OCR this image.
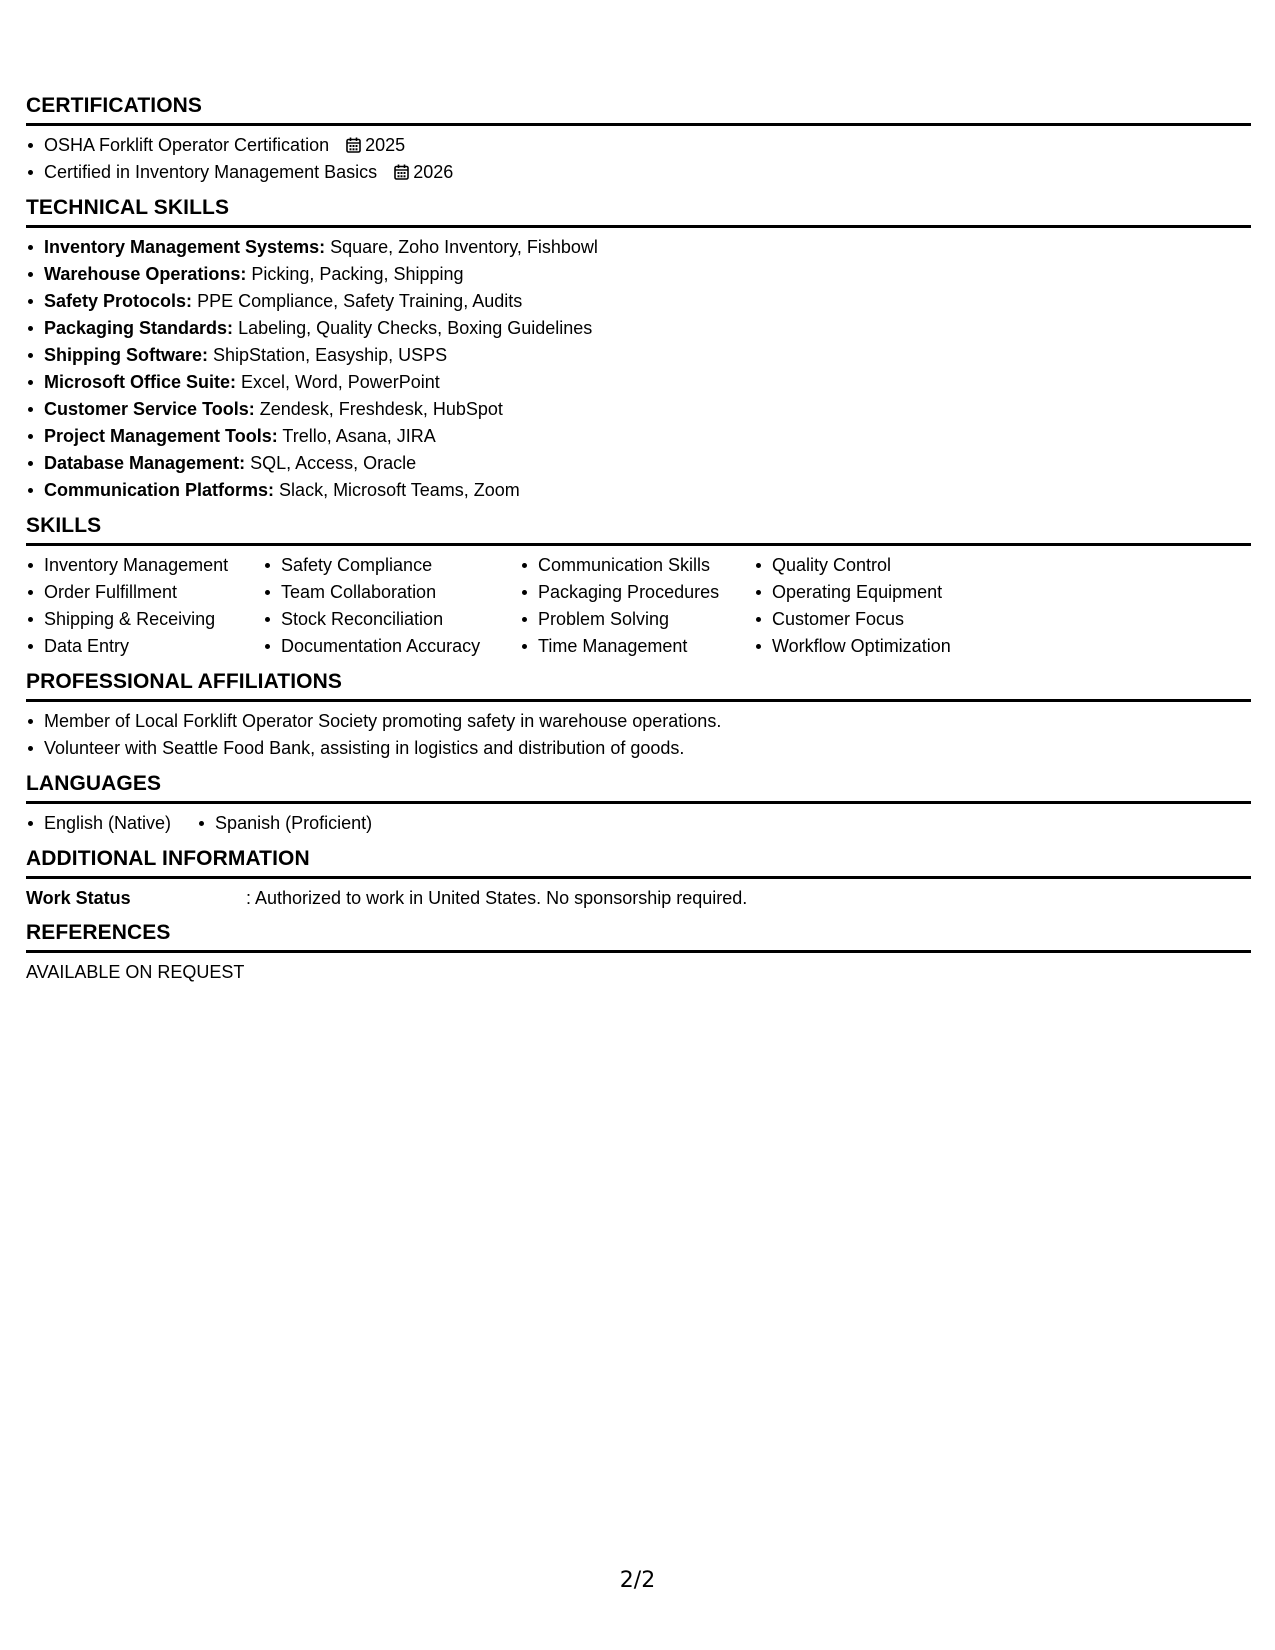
CERTIFICATIONS
OSHA Forklift Operator Certification 2025
Certified in Inventory Management Basics 2026
TECHNICAL SKILLS
Inventory Management Systems: Square, Zoho Inventory, Fishbowl
Warehouse Operations: Picking, Packing, Shipping
Safety Protocols: PPE Compliance, Safety Training, Audits
Packaging Standards: Labeling, Quality Checks, Boxing Guidelines
Shipping Software: ShipStation, Easyship, USPS
Microsoft Office Suite: Excel, Word, PowerPoint
Customer Service Tools: Zendesk, Freshdesk, HubSpot
Project Management Tools: Trello, Asana, JIRA
Database Management: SQL, Access, Oracle
Communication Platforms: Slack, Microsoft Teams, Zoom
SKILLS
Inventory Management
Order Fulfillment
Shipping & Receiving
Data Entry
Safety Compliance
Team Collaboration
Stock Reconciliation
Documentation Accuracy
Communication Skills
Packaging Procedures
Problem Solving
Time Management
Quality Control
Operating Equipment
Customer Focus
Workflow Optimization
PROFESSIONAL AFFILIATIONS
Member of Local Forklift Operator Society promoting safety in warehouse operations.
Volunteer with Seattle Food Bank, assisting in logistics and distribution of goods.
LANGUAGES
English (Native) Spanish (Proficient)
ADDITIONAL INFORMATION
Work Status	: Authorized to work in United States. No sponsorship required.
REFERENCES
AVAILABLE ON REQUEST
2/2
